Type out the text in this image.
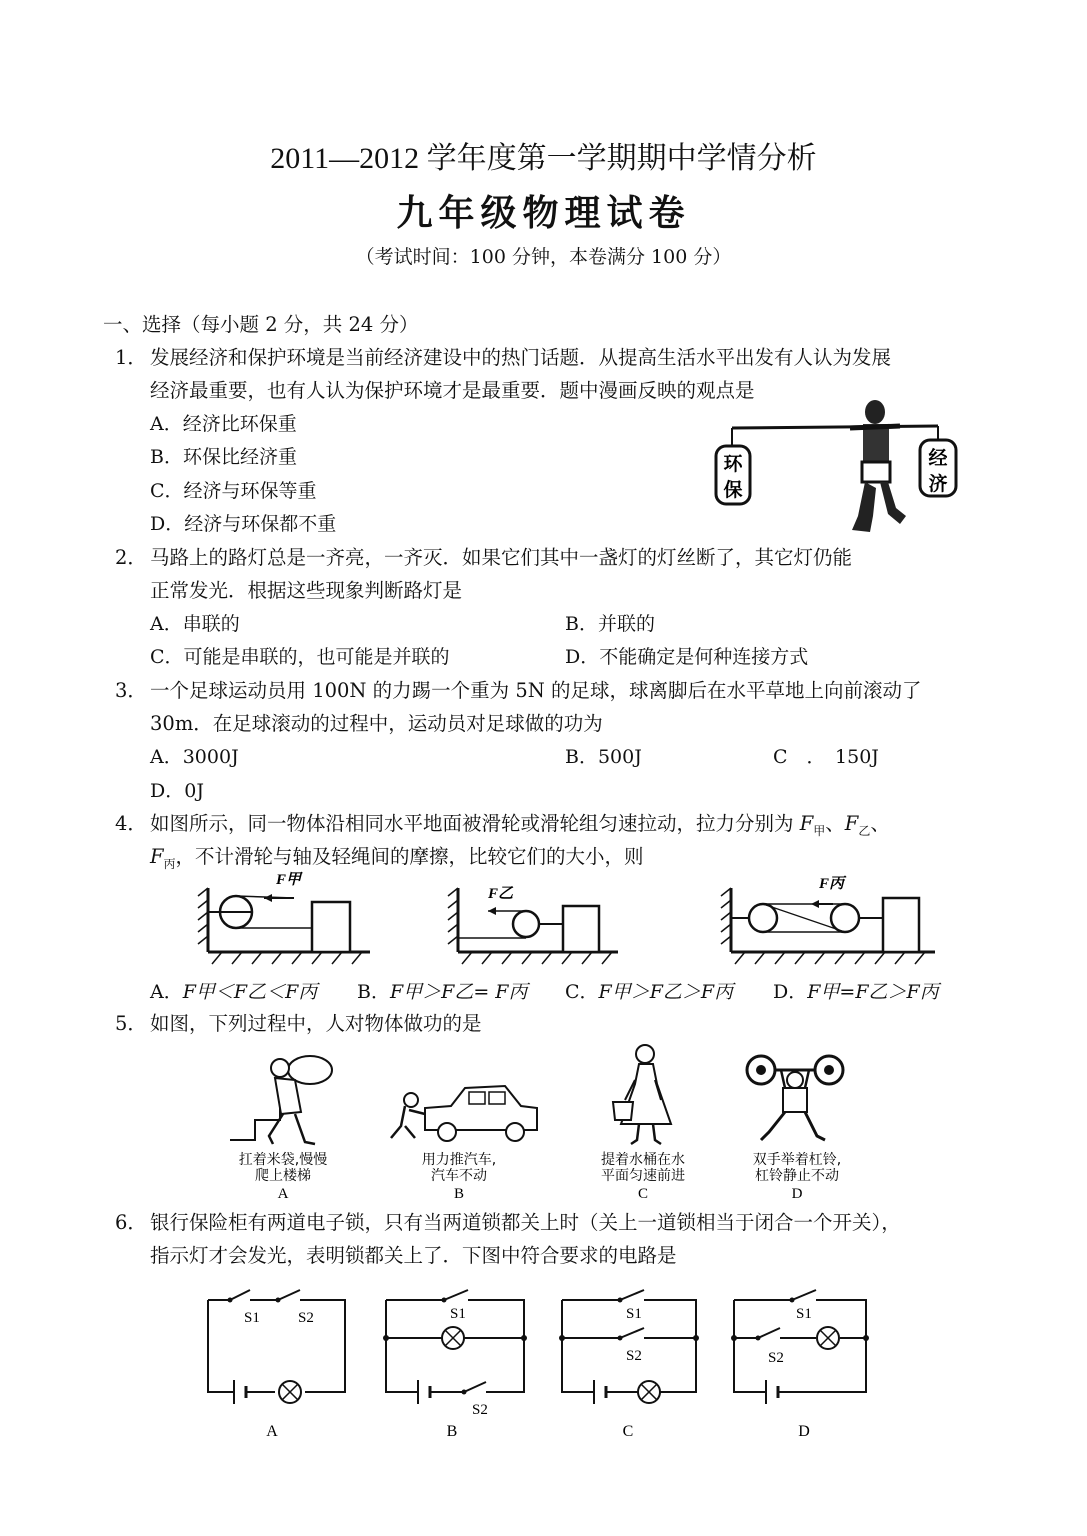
2011—2012 学年度第一学期期中学情分析
九年级物理试卷
（考试时间：100 分钟，本卷满分 100 分）
一、选择（每小题 2 分，共 24 分）
1． 发展经济和保护环境是当前经济建设中的热门话题．从提高生活水平出发有人认为发展
经济最重要，也有人认为保护环境才是最重要．题中漫画反映的观点是
A．经济比环保重
B．环保比经济重
C．经济与环保等重
D．经济与环保都不重
环
保
经
济
2． 马路上的路灯总是一齐亮，一齐灭．如果它们其中一盏灯的灯丝断了，其它灯仍能
正常发光．根据这些现象判断路灯是
A．串联的	B．并联的
C．可能是串联的，也可能是并联的	D．不能确定是何种连接方式
3． 一个足球运动员用 100N 的力踢一个重为 5N 的足球，球离脚后在水平草地上向前滚动了
30m．在足球滚动的过程中，运动员对足球做的功为
A．3000J	B．500J	C　．　150J
D．0J
4． 如图所示，同一物体沿相同水平地面被滑轮或滑轮组匀速拉动，拉力分别为 $F_甲$、$F_乙$、
$F_丙$，不计滑轮与轴及轻绳间的摩擦，比较它们的大小，则
F甲
F乙
F丙
A．F甲＜F乙＜F丙 B．F甲＞F乙= F丙 C．F甲＞F乙＞F丙 D．F甲=F乙＞F丙
5． 如图，下列过程中，人对物体做功的是
扛着米袋,慢慢
爬上楼梯
A
用力推汽车,
汽车不动
B
提着水桶在水
平面匀速前进
C
双手举着杠铃,
杠铃静止不动
D
6． 银行保险柜有两道电子锁，只有当两道锁都关上时（关上一道锁相当于闭合一个开关），
指示灯才会发光，表明锁都关上了．下图中符合要求的电路是
S1	S2
A
S1
S2
B
S1
S2
C
S1
S2
D
